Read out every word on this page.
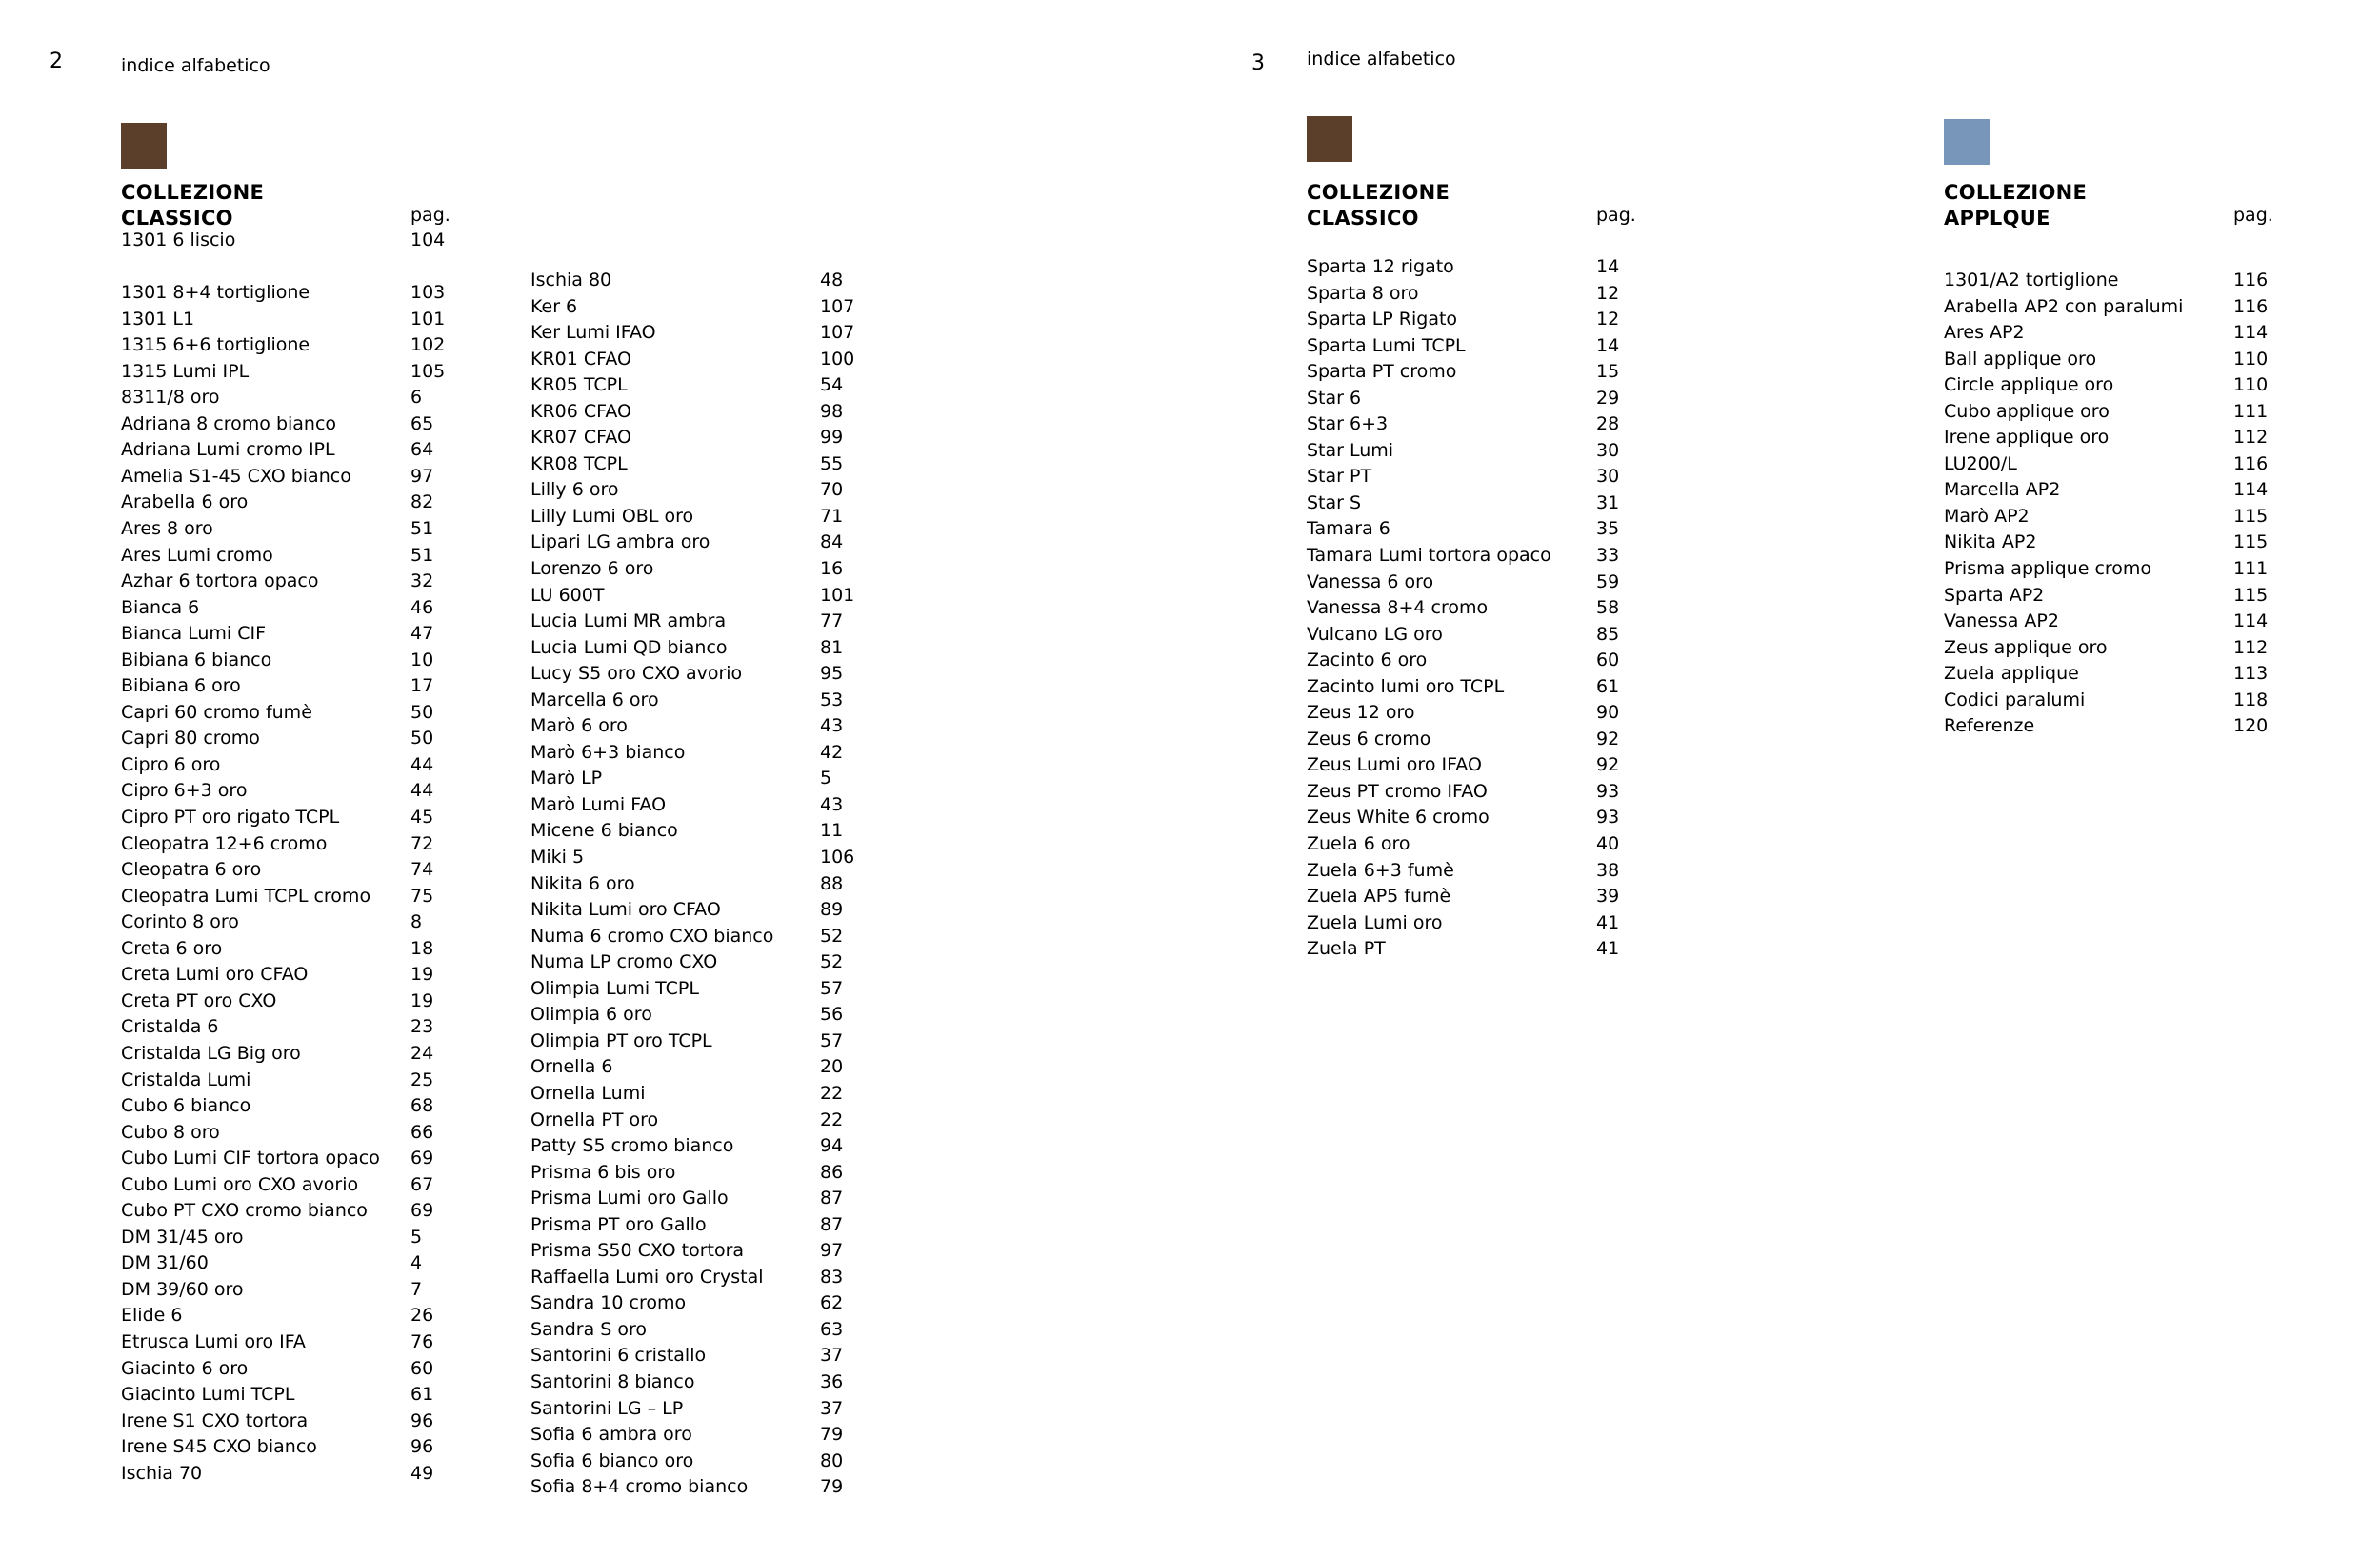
2	indice alfabetico
COLLEZIONE
CLASSICO	pag.
1301 6 liscio	104
1301 8+4 tortiglione	103
1301 L1	101
1315 6+6 tortiglione	102
1315 Lumi IPL	105
8311/8 oro	6
Adriana 8 cromo bianco	65
Adriana Lumi cromo IPL	64
Amelia S1-45 CXO bianco	97
Arabella 6 oro	82
Ares 8 oro	51
Ares Lumi cromo	51
Azhar 6 tortora opaco	32
Bianca 6	46
Bianca Lumi CIF	47
Bibiana 6 bianco	10
Bibiana 6 oro	17
Capri 60 cromo fumè	50
Capri 80 cromo	50
Cipro 6 oro	44
Cipro 6+3 oro	44
Cipro PT oro rigato TCPL	45
Cleopatra 12+6 cromo	72
Cleopatra 6 oro	74
Cleopatra Lumi TCPL cromo 75
Corinto 8 oro	8
Creta 6 oro	18
Creta Lumi oro CFAO	19
Creta PT oro CXO	19
Cristalda 6	23
Cristalda LG Big oro	24
Cristalda Lumi	25
Cubo 6 bianco	68
Cubo 8 oro	66
Cubo Lumi CIF tortora opaco 69
Cubo Lumi oro CXO avorio	67
Cubo PT CXO cromo bianco 69
DM 31/45 oro	5
DM 31/60	4
DM 39/60 oro	7
Elide 6	26
Etrusca Lumi oro IFA	76
Giacinto 6 oro	60
Giacinto Lumi TCPL	61
Irene S1 CXO tortora	96
Irene S45 CXO bianco	96
Ischia 70	49
Ischia 80	48
Ker 6	107
Ker Lumi IFAO	107
KR01 CFAO	100
KR05 TCPL	54
KR06 CFAO	98
KR07 CFAO	99
KR08 TCPL	55
Lilly 6 oro	70
Lilly Lumi OBL oro	71
Lipari LG ambra oro	84
Lorenzo 6 oro	16
LU 600T	101
Lucia Lumi MR ambra	77
Lucia Lumi QD bianco	81
Lucy S5 oro CXO avorio	95
Marcella 6 oro	53
Marò 6 oro	43
Marò 6+3 bianco	42
Marò LP	5
Marò Lumi FAO	43
Micene 6 bianco	11
Miki 5	106
Nikita 6 oro	88
Nikita Lumi oro CFAO	89
Numa 6 cromo CXO bianco	52
Numa LP cromo CXO	52
Olimpia Lumi TCPL	57
Olimpia 6 oro	56
Olimpia PT oro TCPL	57
Ornella 6	20
Ornella Lumi	22
Ornella PT oro	22
Patty S5 cromo bianco	94
Prisma 6 bis oro	86
Prisma Lumi oro Gallo	87
Prisma PT oro Gallo	87
Prisma S50 CXO tortora	97
Raffaella Lumi oro Crystal	83
Sandra 10 cromo	62
Sandra S oro	63
Santorini 6 cristallo	37
Santorini 8 bianco	36
Santorini LG – LP	37
Sofia 6 ambra oro	79
Sofia 6 bianco oro	80
Sofia 8+4 cromo bianco	79
3 indice alfabetico
COLLEZIONE
CLASSICO	pag.
Sparta 12 rigato	14
Sparta 8 oro	12
Sparta LP Rigato	12
Sparta Lumi TCPL	14
Sparta PT cromo	15
Star 6	29
Star 6+3	28
Star Lumi	30
Star PT	30
Star S	31
Tamara 6	35
Tamara Lumi tortora opaco 33
Vanessa 6 oro	59
Vanessa 8+4 cromo	58
Vulcano LG oro	85
Zacinto 6 oro	60
Zacinto lumi oro TCPL	61
Zeus 12 oro	90
Zeus 6 cromo	92
Zeus Lumi oro IFAO	92
Zeus PT cromo IFAO	93
Zeus White 6 cromo	93
Zuela 6 oro	40
Zuela 6+3 fumè	38
Zuela AP5 fumè	39
Zuela Lumi oro	41
Zuela PT	41
COLLEZIONE
APPLQUE	pag.
1301/A2 tortiglione	116
Arabella AP2 con paralumi	116
Ares AP2	114
Ball applique oro	110
Circle applique oro	110
Cubo applique oro	111
Irene applique oro	112
LU200/L	116
Marcella AP2	114
Marò AP2	115
Nikita AP2	115
Prisma applique cromo	111
Sparta AP2	115
Vanessa AP2	114
Zeus applique oro	112
Zuela applique	113
Codici paralumi	118
Referenze	120
